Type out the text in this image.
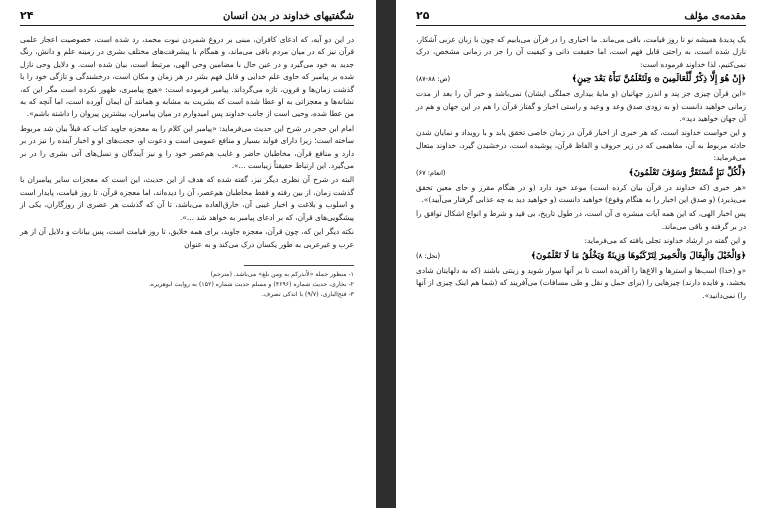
شگفتیهای خداوند در بدن انسان
۲۴

در این دو آیه، که ادعای کافران، مبنی بر دروغ شمردن نبوت محمد، رد شده است، خصوصیت اعجاز علمی قرآن نیز که در میان مردم باقی می‌ماند، و همگام با پیشرفت‌های مختلف بشری در زمینه علم و دانش، رنگ جدید به خود می‌گیرد و در عین حال با مضامین وحی الهی، مرتبط است، بیان شده است. و دلایل وحی نازل شده بر پیامبر که حاوی علم خدایی و قابل فهم بشر در هر زمان و مکان است، درخشندگی و تازگی خود را با گذشت زمان‌ها و قرون، تازه می‌گرداند. پیامبر فرموده است: «هیچ پیامبری، ظهور نکرده است مگر این که، نشانه‌ها و معجزاتی به او عطا شده است که بشریت به مشابه و همانند آن ایمان آورده است، اما آنچه که به من عطا شده، وحیی است از جانب خداوند پس امیدوارم در میان پیامبران، بیشترین پیروان را داشته باشم».

امام ابن حجر در شرح این حدیث می‌فرماید: «پیامبر این کلام را به معجزه جاوید کتاب که قبلاً بیان شد مربوط ساخته است؛ زیرا دارای فواید بسیار و منافع عمومی است و دعوت او، حجت‌های او و اخبار آینده را نیز در بر دارد و منافع قرآن، مخاطبان حاضر و غایب هم‌عصر خود را و نیز آیندگان و نسل‌های آتی بشری را در بر می‌گیرد. این ارتباط حقیقتاً زیباست ...».

البته در شرح آن نظری دیگر نیز، گفته شده که هدف از این حدیث، این است که معجزات سایر پیامبران با گذشت زمان، از بین رفته و فقط مخاطبان هم‌عصر، آن را دیده‌اند، اما معجزه قرآن، تا روز قیامت، پایدار است و اسلوب و بلاغت و اخبار غیبی آن، خارق‌العاده می‌باشد، تا آن که گذشت هر عصری از روزگاران، یکی از پیشگویی‌های قرآن، که بر ادعای پیامبر به خواهد شد ...».

نکته دیگر این که، چون قرآن، معجزه جاوید، برای همه خلایق، تا روز قیامت است، پس بیانات و دلایل آن از هر عرب و غیرعربی به طور یکسان درک می‌کند و به عنوان

۱- منظور جمله «لاُنذرکم به ومن بلغ» می‌باشد. (مترجم)

۲- بخاری، حدیث شماره (۴۶۹۶) و مسلم حدیث شماره (۱۵۲) به روایت ابوهریره.

۳- فتح‌الباری، (۹/۷) با اندکی تصرف.

مقدمه‌ی مؤلف
۲۵

یک پدیدهٔ همیشه نو تا روز قیامت، باقی می‌ماند. ما اخباری را در قرآن می‌یابیم که چون با زبان عربی آشکار، نازل شده است، به راحتی قابل فهم است، اما حقیقت ذاتی و کیفیت آن را جز در زمانی مشخص، درک نمی‌کنیم، لذا خداوند فرموده است:

﴿إِنْ هُوَ إِلَّا ذِكْرٌ لِّلْعَالَمِينَ ۞ وَلَتَعْلَمُنَّ نَبَأَهُ بَعْدَ حِينٍ﴾
(ص: ۸۸-۸۷)

«این قرآن چیزی جز پند و اندرز جهانیان (و مایهٔ بیداری جملگی ایشان) نمی‌باشد و خبر آن را بعد از مدت زمانی خواهید دانست (و به زودی صدق وعد و وعید و راستی اخبار و گفتار قرآن را هم در این جهان و هم در آن جهان خواهید دید».

و این خواست خداوند است، که هر خبری از اخبار قرآن در زمان خاصی تحقق یابد و با رویداد و نمایان شدن حادثه مربوط به آن، مفاهیمی که در زیر حروف و الفاظ قرآن، پوشیده است، درخشیدن گیرد، خداوند متعال می‌فرماید:

﴿لِّكُلِّ نَبَإٍ مُّسْتَقَرٌّ وَسَوْفَ تَعْلَمُونَ﴾
(انعام: ۶۷)

«هر خبری (که خداوند در قرآن بیان کرده است) موعد خود دارد (و در هنگام مقرر و جای معین تحقق می‌پذیرد) (و صدق این اخبار را به هنگام وقوع) خواهید دانست (و خواهید دید به چه عذابی گرفتار می‌آیید)».

پس اخبار الهی، که این همه آیات مبشره ی آن است، در طول تاریخ، بی قید و شرط و انواع اشکال توافق را در بر گرفته و باقی می‌ماند.

و این گفته در ارشاد خداوند تجلی یافته که می‌فرماید:

﴿وَالْخَيْلَ وَالْبِغَالَ وَالْحَمِيرَ لِتَرْكَبُوهَا وَزِينَةً وَيَخْلُقُ مَا لَا تَعْلَمُونَ﴾
(نحل: ۸)

«و (خدا) اسب‌ها و استرها و الاغ‌ها را آفریده است تا بر آنها سوار شوید و زینتی باشند (که به دلهایتان شادی بخشد، و فایده دارند) چیزهایی را (برای حمل و نقل و طی مسافات) می‌آفریند که (شما هم اینک چیزی از آنها را) نمی‌دانید».
